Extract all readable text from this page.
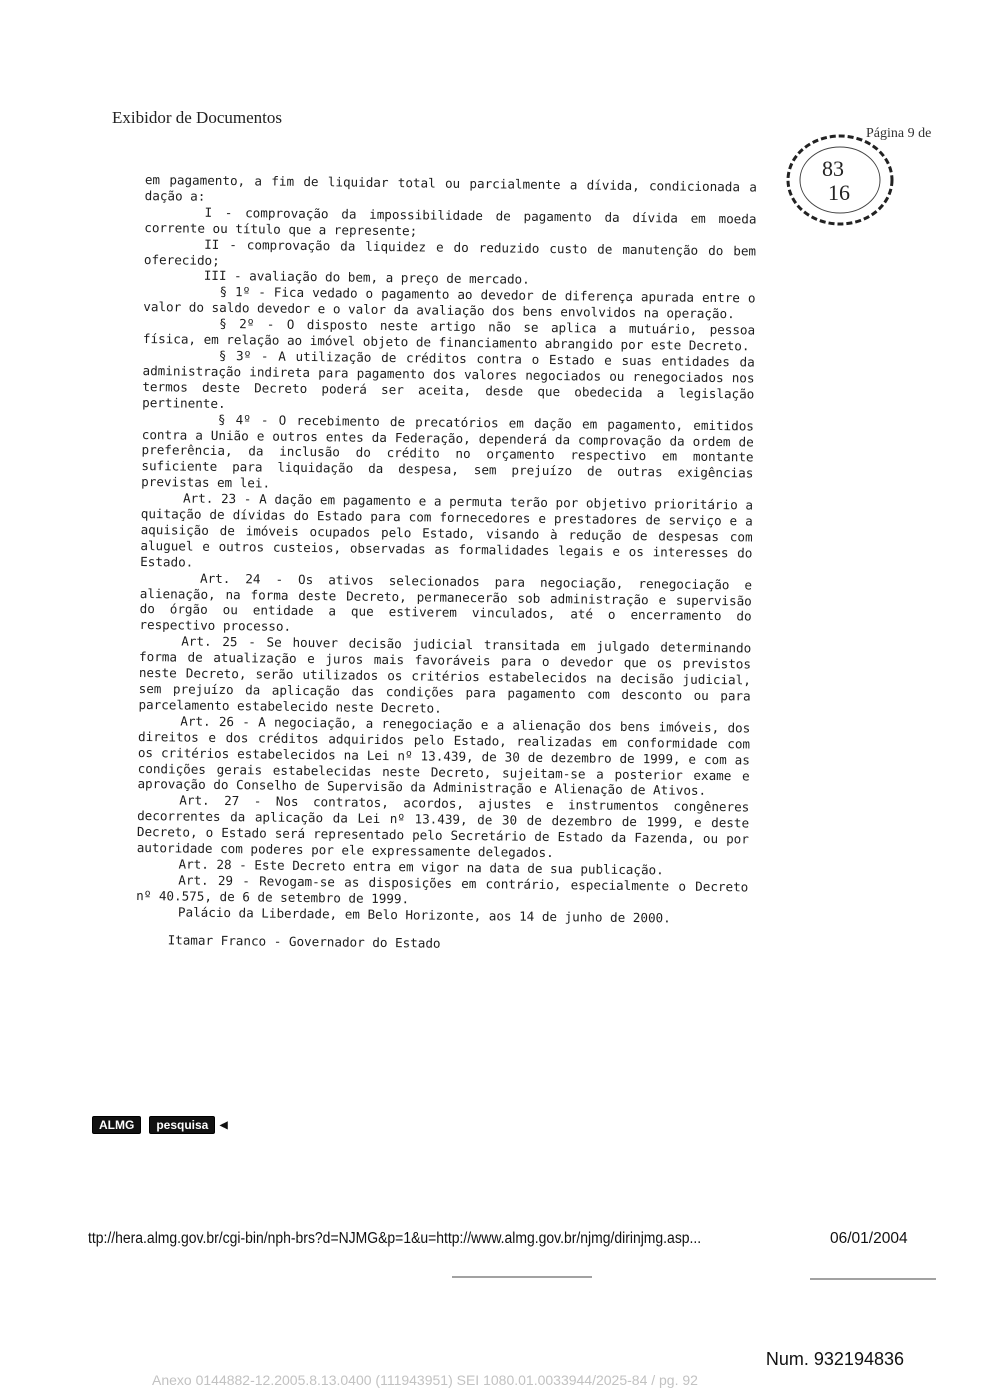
Exibidor de Documentos
Página 9 de
83
16

em pagamento, a fim de liquidar total ou parcialmente a dívida, condicionada a dação a:

I - comprovação da impossibilidade de pagamento da dívida em moeda corrente ou título que a represente;

II - comprovação da liquidez e do reduzido custo de manutenção do bem oferecido;

III - avaliação do bem, a preço de mercado.

§ 1º - Fica vedado o pagamento ao devedor de diferença apurada entre o valor do saldo devedor e o valor da avaliação dos bens envolvidos na operação.

§ 2º - O disposto neste artigo não se aplica a mutuário, pessoa física, em relação ao imóvel objeto de financiamento abrangido por este Decreto.

§ 3º - A utilização de créditos contra o Estado e suas entidades da administração indireta para pagamento dos valores negociados ou renegociados nos termos deste Decreto poderá ser aceita, desde que obedecida a legislação pertinente.

§ 4º - O recebimento de precatórios em dação em pagamento, emitidos contra a União e outros entes da Federação, dependerá da comprovação da ordem de preferência, da inclusão do crédito no orçamento respectivo em montante suficiente para liquidação da despesa, sem prejuízo de outras exigências previstas em lei.

Art. 23 - A dação em pagamento e a permuta terão por objetivo prioritário a quitação de dívidas do Estado para com fornecedores e prestadores de serviço e a aquisição de imóveis ocupados pelo Estado, visando à redução de despesas com aluguel e outros custeios, observadas as formalidades legais e os interesses do Estado.

Art. 24 - Os ativos selecionados para negociação, renegociação e alienação, na forma deste Decreto, permanecerão sob administração e supervisão do órgão ou entidade a que estiverem vinculados, até o encerramento do respectivo processo.

Art. 25 - Se houver decisão judicial transitada em julgado determinando forma de atualização e juros mais favoráveis para o devedor que os previstos neste Decreto, serão utilizados os critérios estabelecidos na decisão judicial, sem prejuízo da aplicação das condições para pagamento com desconto ou para parcelamento estabelecido neste Decreto.

Art. 26 - A negociação, a renegociação e a alienação dos bens imóveis, dos direitos e dos créditos adquiridos pelo Estado, realizadas em conformidade com os critérios estabelecidos na Lei nº 13.439, de 30 de dezembro de 1999, e com as condições gerais estabelecidas neste Decreto, sujeitam-se a posterior exame e aprovação do Conselho de Supervisão da Administração e Alienação de Ativos.

Art. 27 - Nos contratos, acordos, ajustes e instrumentos congêneres decorrentes da aplicação da Lei nº 13.439, de 30 de dezembro de 1999, e deste Decreto, o Estado será representado pelo Secretário de Estado da Fazenda, ou por autoridade com poderes por ele expressamente delegados.

Art. 28 - Este Decreto entra em vigor na data de sua publicação.

Art. 29 - Revogam-se as disposições em contrário, especialmente o Decreto nº 40.575, de 6 de setembro de 1999.

Palácio da Liberdade, em Belo Horizonte, aos 14 de junho de 2000.

Itamar Franco - Governador do Estado

ALMG	pesquisa ◀
ttp://hera.almg.gov.br/cgi-bin/nph-brs?d=NJMG&p=1&u=http://www.almg.gov.br/njmg/dirinjmg.asp...	06/01/2004
Num. 932194836
Anexo 0144882-12.2005.8.13.0400 (111943951) SEI 1080.01.0033944/2025-84 / pg. 92
